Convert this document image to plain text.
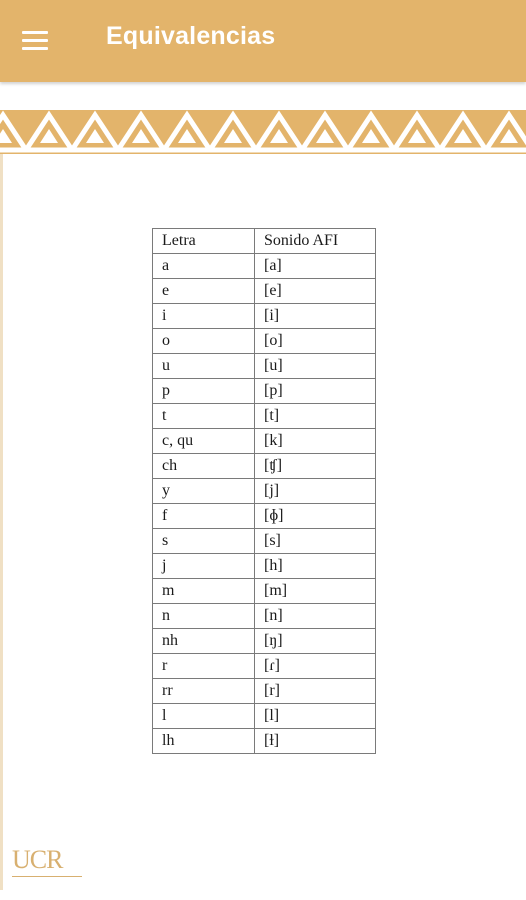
Equivalencias
Letra	Sonido AFI
a	[a]
e	[e]
i	[i]
o	[o]
u	[u]
p	[p]
t	[t]
c, qu	[k]
ch	[ʧ]
y	[j]
f	[ɸ]
s	[s]
j	[h]
m	[m]
n	[n]
nh	[ŋ]
r	[ɾ]
rr	[r]
l	[l]
lh	[ɫ]
UCR
